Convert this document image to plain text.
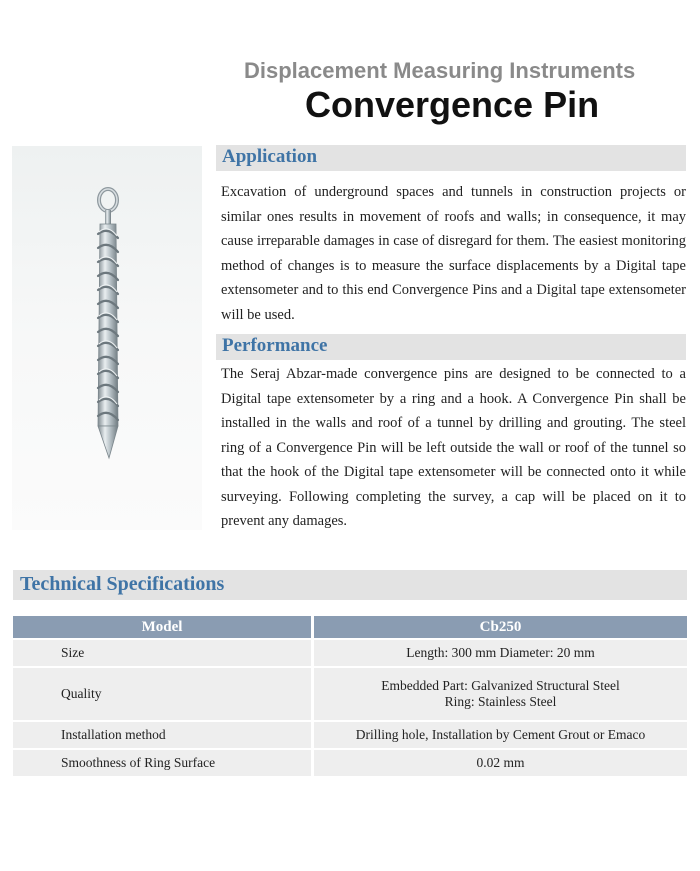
Displacement Measuring Instruments
Convergence Pin
Application

Excavation of underground spaces and tunnels in construction projects or similar ones results in movement of roofs and walls; in consequence, it may cause irreparable damages in case of disregard for them. The easiest monitoring method of changes is to measure the surface displacements by a Digital tape extensometer and to this end Convergence Pins and a Digital tape extensometer will be used.

Performance

The Seraj Abzar-made convergence pins are designed to be connected to a Digital tape extensometer by a ring and a hook. A Convergence Pin shall be installed in the walls and roof of a tunnel by drilling and grouting. The steel ring of a Convergence Pin will be left outside the wall or roof of the tunnel so that the hook of the Digital tape extensometer will be connected onto it while surveying. Following completing the survey, a cap will be placed on it to prevent any damages.

Technical Specifications
Model	Cb250
Size	Length: 300 mm Diameter: 20 mm
Quality	Embedded Part: Galvanized Structural Steel
Ring: Stainless Steel

Installation method	Drilling hole, Installation by Cement Grout or Emaco
Smoothness of Ring Surface	0.02 mm
